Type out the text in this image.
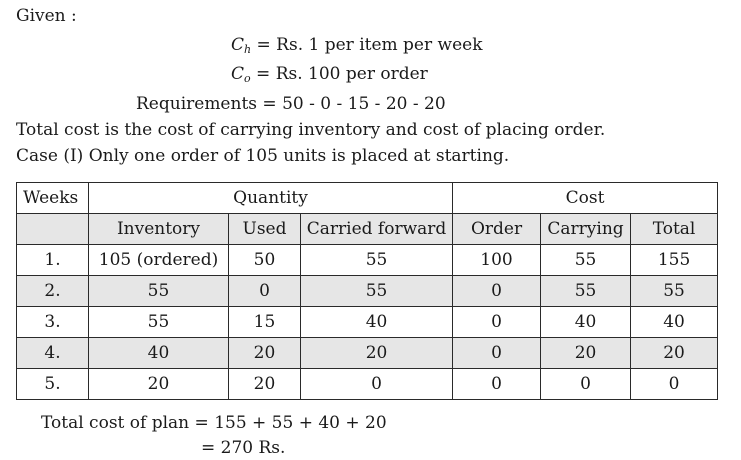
Given :
$C_h = Rs$. 1 per item per week
$C_o = Rs$. 100 per order
Requirements = 50 - 0 - 15 - 20 - 20
Total cost is the cost of carrying inventory and cost of placing order.
Case (I) Only one order of 105 units is placed at starting.
Weeks	Quantity			Cost		
	Inventory	Used	Carried forward	Order	Carrying	Total
1.	105 (ordered)	50	55	100	55	155
2.	55	0	55	0	55	55
3.	55	15	40	0	40	40
4.	40	20	20	0	20	20
5.	20	20	0	0	0	0
Total cost of plan = 155 + 55 + 40 + 20
= 270 Rs.
